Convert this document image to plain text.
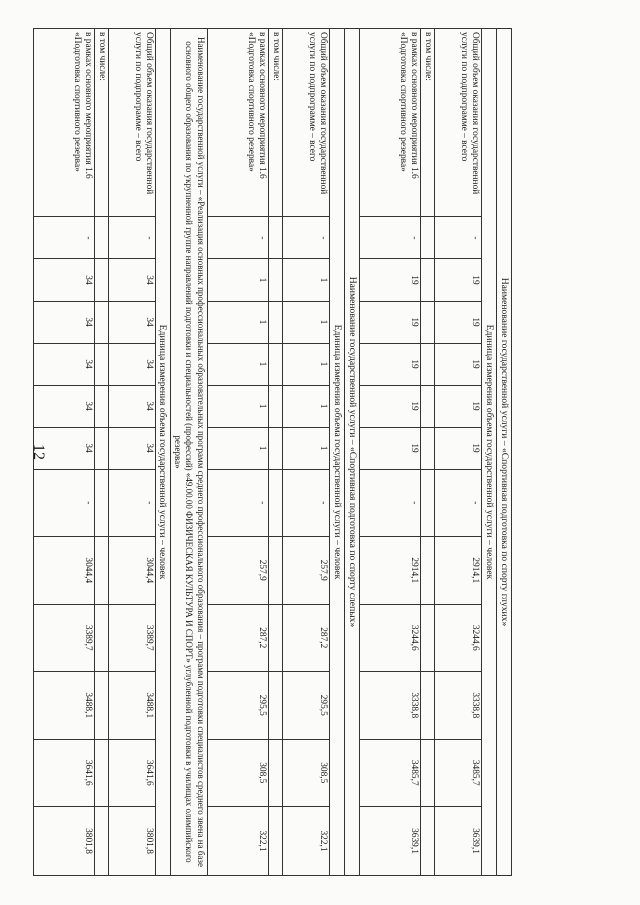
12	Наименование государственной услуги – «Спортивная подготовка по спорту глухих»												
Единица измерения объема государственной услуги – человек												

Общий объем оказания государственной услуги по подпрограмме – всего	-	19	19	19	19	19	-	2914,1	3244,6	3338,8	3485,7	3639,1

в том числе:												

в рамках основного мероприятия 1.6 «Подготовка спортивного резерва»	-	19	19	19	19	19	-	2914,1	3244,6	3338,8	3485,7	3639,1
Наименование государственной услуги – «Спортивная подготовка по спорту слепых»												
Единица измерения объема государственной услуги – человек												

Общий объем оказания государственной услуги по подпрограмме – всего	-	1	1	1	1	1	-	257,9	287,2	295,5	308,5	322,1

в том числе:												

в рамках основного мероприятия 1.6 «Подготовка спортивного резерва»	-	1	1	1	1	1	-	257,9	287,2	295,5	308,5	322,1
Наименование государственной услуги – «Реализация основных профессиональных образовательных программ среднего профессионального образования – программ подготовки специалистов среднего звена на базе основного общего образования по укрупненной группе направлений подготовки и специальностей (профессий) «49.00.00 ФИЗИЧЕСКАЯ КУЛЬТУРА И СПОРТ» углубленной подготовки в училищах олимпийского резерва»												
Единица измерения объема государственной услуги – человек												

Общий объем оказания государственной услуги по подпрограмме – всего	-	34	34	34	34	34	-	3044,4	3389,7	3488,1	3641,6	3801,8

в том числе:												

в рамках основного мероприятия 1.6 «Подготовка спортивного резерва»	-	34	34	34	34	34	-	3044,4	3389,7	3488,1	3641,6	3801,8
